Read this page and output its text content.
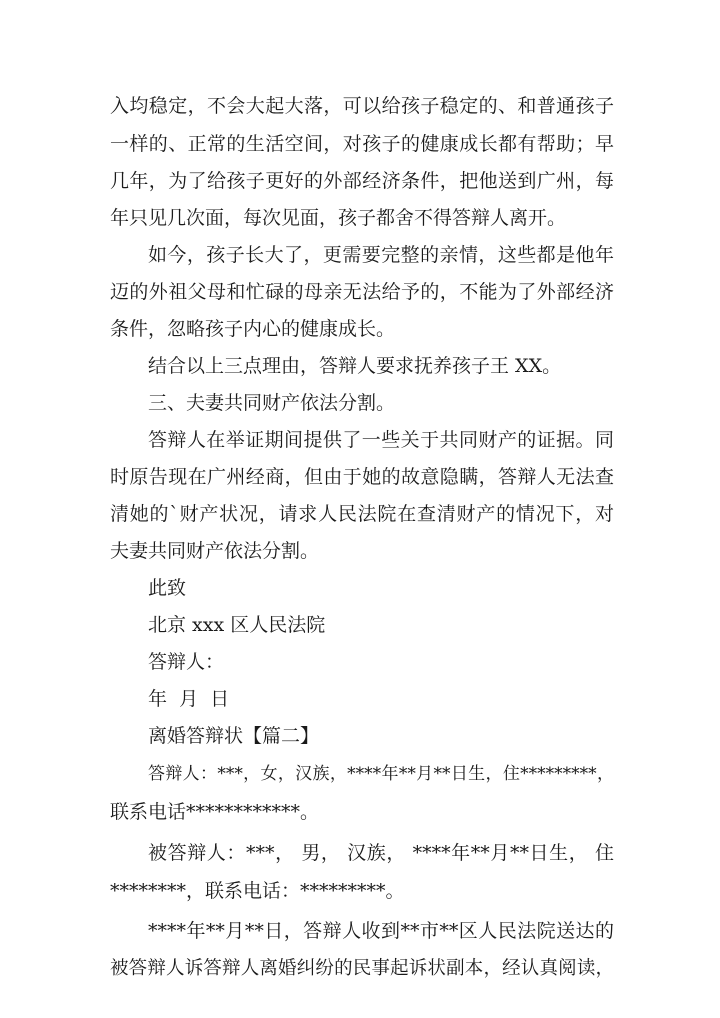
入均稳定，不会大起大落，可以给孩子稳定的、和普通孩子
一样的、正常的生活空间，对孩子的健康成长都有帮助；早
几年，为了给孩子更好的外部经济条件，把他送到广州，每
年只见几次面，每次见面，孩子都舍不得答辩人离开。
如今，孩子长大了，更需要完整的亲情，这些都是他年
迈的外祖父母和忙碌的母亲无法给予的，不能为了外部经济
条件，忽略孩子内心的健康成长。
结合以上三点理由，答辩人要求抚养孩子王 XX。
三、夫妻共同财产依法分割。
答辩人在举证期间提供了一些关于共同财产的证据。同
时原告现在广州经商，但由于她的故意隐瞒，答辩人无法查
清她的`财产状况，请求人民法院在查清财产的情况下，对
夫妻共同财产依法分割。
此致
北京 xxx 区人民法院
答辩人：
年  月  日
离婚答辩状【篇二】
答辩人：***，女，汉族，****年**月**日生，住*********，
联系电话************。
被答辩人：***， 男， 汉族， ****年**月**日生， 住
********，联系电话：*********。
****年**月**日，答辩人收到**市**区人民法院送达的
被答辩人诉答辩人离婚纠纷的民事起诉状副本，经认真阅读，
